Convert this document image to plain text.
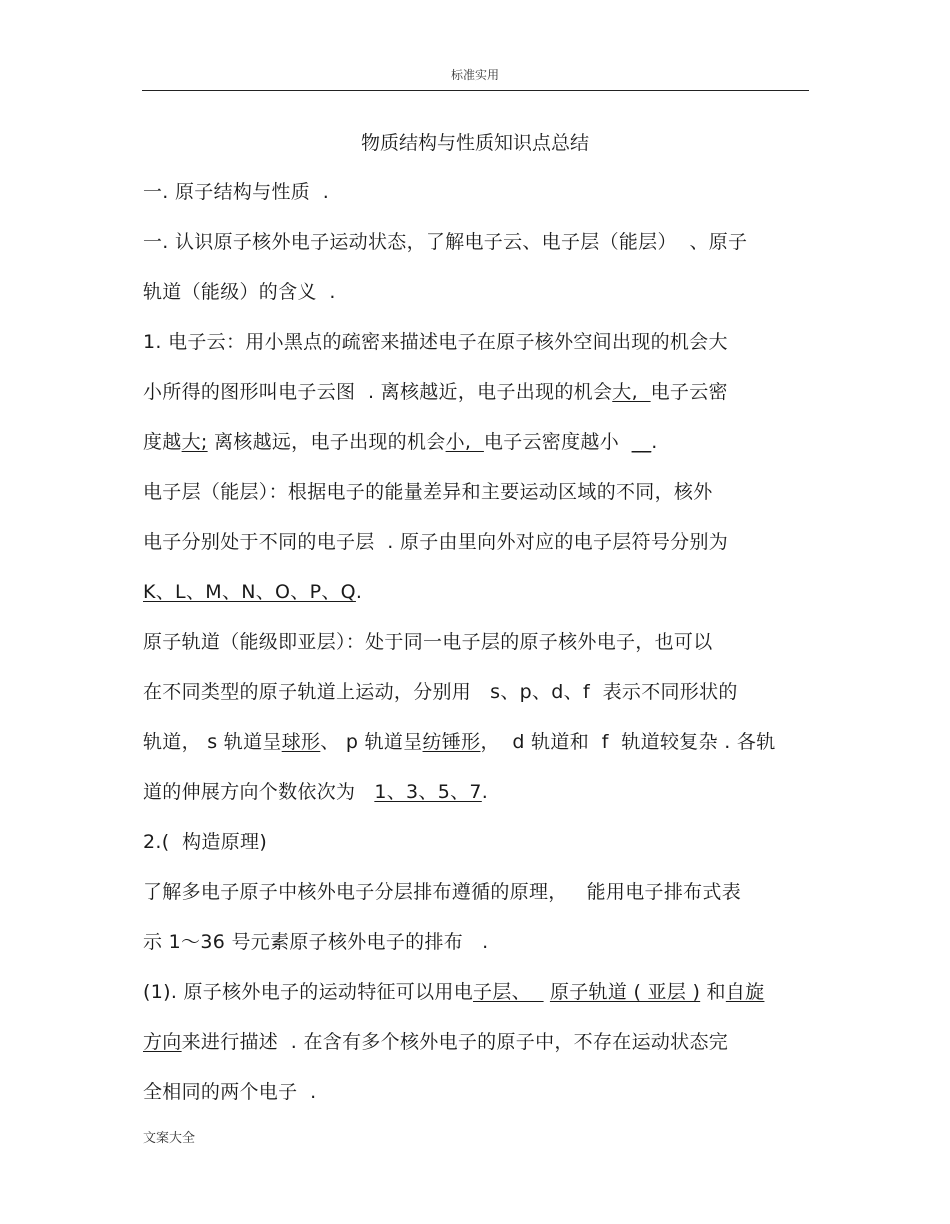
标准实用
物质结构与性质知识点总结
一. 原子结构与性质  .
一. 认识原子核外电子运动状态，了解电子云、电子层（能层）  、原子
轨道（能级）的含义  .
1. 电子云：用小黑点的疏密来描述电子在原子核外空间出现的机会大
小所得的图形叫电子云图  . 离核越近，电子出现的机会大,  电子云密
度越大; 离核越远，电子出现的机会小,  电子云密度越小  __.
电子层（能层）：根据电子的能量差异和主要运动区域的不同，核外
电子分别处于不同的电子层  . 原子由里向外对应的电子层符号分别为
K、L、M、N、O、P、Q.
原子轨道（能级即亚层）：处于同一电子层的原子核外电子，也可以
在不同类型的原子轨道上运动，分别用   s、p、d、f  表示不同形状的
轨道， s 轨道呈球形、 p 轨道呈纺锤形，  d 轨道和  f  轨道较复杂 . 各轨
道的伸展方向个数依次为   1、3、5、7.
2.(  构造原理)
了解多电子原子中核外电子分层排布遵循的原理，   能用电子排布式表
示 1～36 号元素原子核外电子的排布   .
(1). 原子核外电子的运动特征可以用电子层、   原子轨道 ( 亚层 ) 和自旋
方向来进行描述  . 在含有多个核外电子的原子中，不存在运动状态完
全相同的两个电子  .
文案大全
